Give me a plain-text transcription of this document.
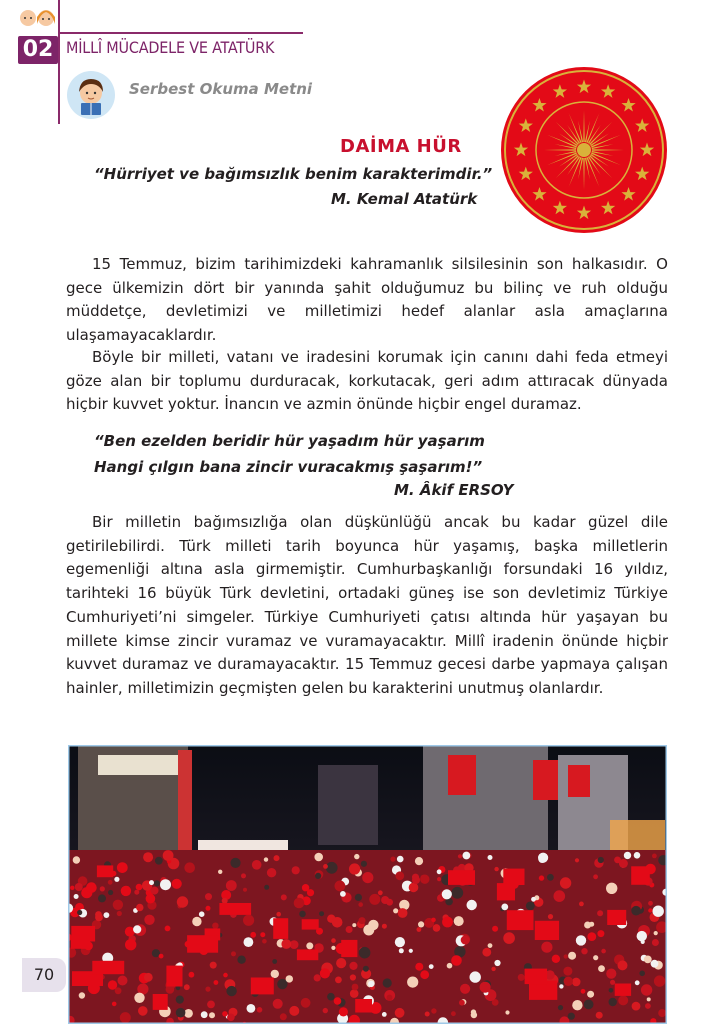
02 MİLLÎ MÜCADELE VE ATATÜRK
Serbest Okuma Metni
DAİMA HÜR
“Hürriyet ve bağımsızlık benim karakterimdir.”
M. Kemal Atatürk

15 Temmuz, bizim tarihimizdeki kahramanlık silsilesinin son halkasıdır. O gece ülkemizin dört bir yanında şahit olduğumuz bu bilinç ve ruh olduğu müddetçe, devletimizi ve milletimizi hedef alanlar asla amaçlarına ulaşamayacaklardır.

Böyle bir milleti, vatanı ve iradesini korumak için canını dahi feda etmeyi göze alan bir toplumu durduracak, korkutacak, geri adım attıracak dünyada hiçbir kuvvet yoktur. İnancın ve azmin önünde hiçbir engel duramaz.

“Ben ezelden beridir hür yaşadım hür yaşarım
Hangi çılgın bana zincir vuracakmış şaşarım!”
M. Âkif ERSOY

Bir milletin bağımsızlığa olan düşkünlüğü ancak bu kadar güzel dile getirilebilirdi. Türk milleti tarih boyunca hür yaşamış, başka milletlerin egemenliği altına asla girmemiştir. Cumhurbaşkanlığı forsundaki 16 yıldız, tarihteki 16 büyük Türk devletini, ortadaki güneş ise son devletimiz Türkiye Cumhuriyeti’ni simgeler. Türkiye Cumhuriyeti çatısı altında hür yaşayan bu millete kimse zincir vuramaz ve vuramayacaktır. Millî iradenin önünde hiçbir kuvvet duramaz ve duramayacaktır. 15 Temmuz gecesi darbe yapmaya çalışan hainler, milletimizin geçmişten gelen bu karakterini unutmuş olanlardır.

70
